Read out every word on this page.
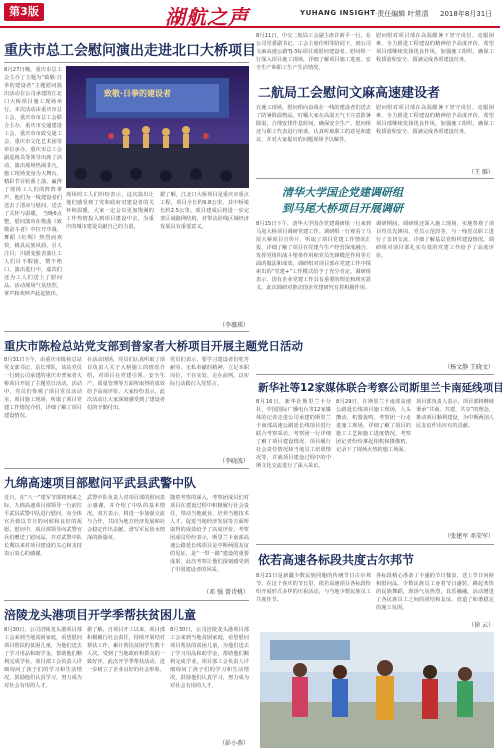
第3版	湖航之声	YUHANG INSIGHT ·责任编辑 叶常清 2018年8月31日
重庆市总工会慰问演出走进北口大桥项目
8月27日晚，重庆市总工会主办了主题为“致敬·日拳的建设者”主题慰问演出活动在公司承建的江北口大桥项目施工现场举行。本次活动由重庆市总工会、重庆市市总工会联合主办，重庆市交通建设工会、重庆市市政交通工会、重庆市文化艺术团等单位承办。重庆市总工会副巡视员等领导出席了活动。演出现场热闹非凡，施工现场变身为大舞台，精彩节目轮番上演，赢得了现场工人们的阵阵掌声。他们为一线建设者们送去了清凉与慰问，送去了关怀与温暖。 当晚6点整，慰问演出在歌曲《致敬奋斗者》中拉开序幕，舞蹈《红绸》热烈而欢快，极具民族风韵，引人注目；川剧变脸表演让工人们目不暇接，赞不绝口。演出进行中，嘉宾们还为工人们送上了慰问品。活动现场气氛热烈，掌声和欢呼声此起彼伏。
致敬·日拳的建设者
现场的工人们纷纷表示，这次演出让他们感受到了党和政府对建设者的关怀和温暖，大家一定会以更加饱满的工作热情投入到项目建设中去，为重庆的城市建设贡献自己的力量。
据了解，江北口大桥项目是重庆市重点工程，项目全长约9.8公里，其中桥梁长约2.5公里。项目建成后将进一步完善区域路网结构，对带动沿线区域经济发展具有重要意义。
（李薇瑛）
8月11日，中交二航局工会副主席许新平一行，在公司党委副书记、工会主席任明等陪同下，到公司文麻高速公路TJ-3标项目部慰问建设者。慰问组一行深入项目施工现场，详细了解项目施工进度、安全生产和职工生产生活情况。
慰问组对项目部在高温酷暑下坚守岗位、克服困难、全力推进工程建设的精神给予高度评价，希望项目部继续发扬优良作风，加强施工组织，确保工程质量和安全，圆满完成各项建设任务。
二航局工会慰问文麻高速建设者
在施工现场，慰问组向奋战在一线的建设者们送去了防暑降温物品，叮嘱大家在高温天气下注意防暑降温，合理安排作息时间，确保安全生产。慰问组还与职工代表进行座谈，认真听取职工的意见和建议，并对大家提出的问题现场予以解答。
慰问组对项目部在高温酷暑下坚守岗位、克服困难、全力推进工程建设的精神给予高度评价，希望项目部继续发扬优良作风，加强施工组织，确保工程质量和安全，圆满完成各项建设任务。
（王 维）
清华大学国企党建调研组
到马尾大桥项目开展调研
8月15日下午，清华大学国企党建调研组一行来到马尾大桥项目调研党建工作。调研组一行观看了马尾大桥项目宣传片，听取了项目党建工作情况汇报，详细了解了项目在党建与生产经营深度融合、发挥党组织战斗堡垒作用和党员先锋模范作用等方面的做法和成效。调研组对项目部在党建工作中探索出的“党建+”工作模式给予了充分肯定。调研组表示，国有企业党建工作具有重要的理论和现实意义，此次调研对推动国企党建研究有着积极作用。
调研期间，调研组还深入施工现场，实地参观了项目党员先锋岗、党员示范段等，与一线党员职工进行了亲切交流，详细了解基层党组织建设情况。调研组对项目部扎实有效的党建工作给予了高度评价。
（杨文静 王晓文）
重庆市陈检总站党支部到普家者大桥项目开展主题党日活动
8月31日下午，由重庆市陈检总站党支部书记、站长带队，该站党员一行到公司承建的重庆市普家者大桥项目开展了主题党日活动。活动中，党员们参观了项目党员活动室、项目施工现场，听取了项目党建工作情况介绍，详细了解了项目建设情况。
在活动现场，党员们认真听取了项目负责人关于大桥施工的情况介绍，对项目在党建引领、安全生产、质量管理等方面所取得的成效给予高度评价。大家纷纷表示，此次活动让大家深刻感受到了建设者们的辛勤付出。
党员们表示，要学习建设者们吃苦耐劳、无私奉献的精神，立足本职岗位，干在实处、走在前列，以实际行动践行入党誓言。
（李晓波）
新华社等12家媒体联合考察公司斯里兰卡南延线项目
8月16日，新华社斯里兰卡分社、中国国际广播电台等12家媒体的记者走进公司承建的斯里兰卡南部高速公路延长线项目进行联合考察采访。考察团一行详细了解了项目建设情况、项目履行社会责任情况和当地员工培训情况等，并就项目建设过程中的中斯文化交流进行了深入采访。
8月29日，在斯里兰卡南部高速公路延长线项目施工现场，人头攒动，机器轰鸣，考察团一行走进施工现场，详细了解了项目的施工工艺和施工进度情况。考察团记者纷纷拿起相机和摄像机，记录下了现场火热的施工场面。
项目部负责人表示，项目部将继续秉承“共商、共建、共享”的理念，推动项目顺利建设，为中斯两国人民友谊作出应有的贡献。
（张建军 邓荣军）
九绵高速项目部慰问平武县武警中队
近日，在“八一”建军节即将到来之际，九绵高速项目部领导一行前往平武县武警中队进行慰问，向全体官兵致以节日的问候和良好的祝愿。慰问中，项目部领导向武警官兵们赠送了慰问品，并对武警中队长期以来对项目建设的关心和支持表示衷心的感谢。
武警中队负责人对项目部的慰问表示感谢，并介绍了中队的基本情况。双方表示，将进一步加强交流与合作，共同为地方经济发展和社会稳定作出贡献，谱写军民鱼水情深的新篇章。
随着考察的深入，考察团成员们对项目在建设过程中积极履行社会责任、带动当地就业、培养当地技术人才、促进当地经济发展等方面所取得的成效给予了高度评价。考察团成员纷纷表示，斯里兰卡南部高速公路延长线项目是中斯两国友谊的见证，是“一带一路”建设的重要成果，此次考察让他们深刻感受到了中国建设者的风采。
（邓 强 曾诗桃）
涪陵龙头港项目开学季帮扶贫困儿童
8月30日，公司涪陵龙头港项目部工会来到当地贫困家庭，看望慰问项目帮扶的贫困儿童，为他们送去了学习用品和助学金，帮助他们顺利完成学业。项目部工会负责人详细询问了孩子们的学习和生活情况，鼓励他们认真学习，努力成为对社会有用的人才。
据了解，自项目开工以来，项目部积极履行社会责任，持续开展结对帮扶工作，累计帮扶贫困学生数十人次，受到了当地政府和群众的一致好评。此次开学季帮扶活动，进一步树立了企业良好的社会形象。
8月30日，公司涪陵龙头港项目部工会来到当地贫困家庭，看望慰问项目帮扶的贫困儿童，为他们送去了学习用品和助学金，帮助他们顺利完成学业。项目部工会负责人详细询问了孩子们的学习和生活情况，鼓励他们认真学习，努力成为对社会有用的人才。
（彭小燕）
依若高速各标段共度古尔邦节
8月21日是新疆少数民族同胞的传统节日古尔邦节。在这个喜庆的节日里，依若高速项目各标段纷纷开展形式多样的庆祝活动，与当地少数民族员工共度佳节。
各标段精心准备了丰盛的节日餐食，送上节日问候和慰问品。少数民族员工身着节日盛装，跳起欢快的民族舞蹈，现场气氛热烈，其乐融融。活动增进了各民族员工之间的团结和友谊，营造了和谐稳定的施工氛围。
（徐 云）
